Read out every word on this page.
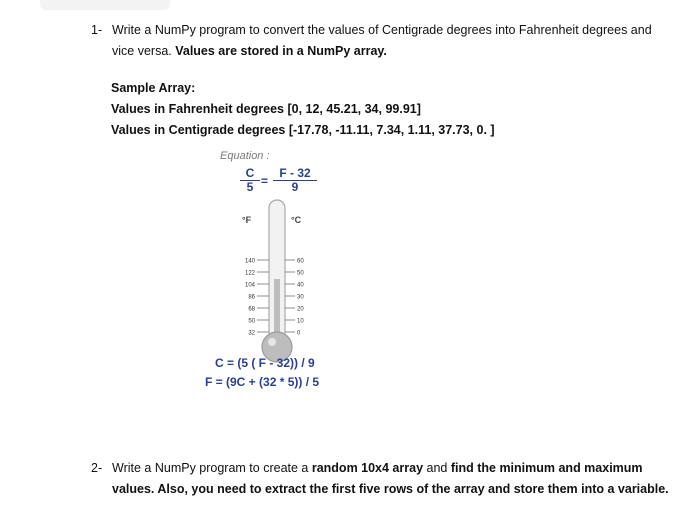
1- Write a NumPy program to convert the values of Centigrade degrees into Fahrenheit degrees and
vice versa. Values are stored in a NumPy array.
Sample Array:
Values in Fahrenheit degrees [0, 12, 45.21, 34, 99.91]
Values in Centigrade degrees [-17.78, -11.11, 7.34, 1.11, 37.73, 0. ]
Equation :
$\frac{C}{5} = \frac{F - 32}{9}$
°F	°C
140
122
104
86
68
50
32
60
50
40
30
20
10
0
C = (5 ( F - 32)) / 9
F = (9C + (32 * 5)) / 5
2- Write a NumPy program to create a random 10x4 array and find the minimum and maximum
values. Also, you need to extract the first five rows of the array and store them into a variable.
